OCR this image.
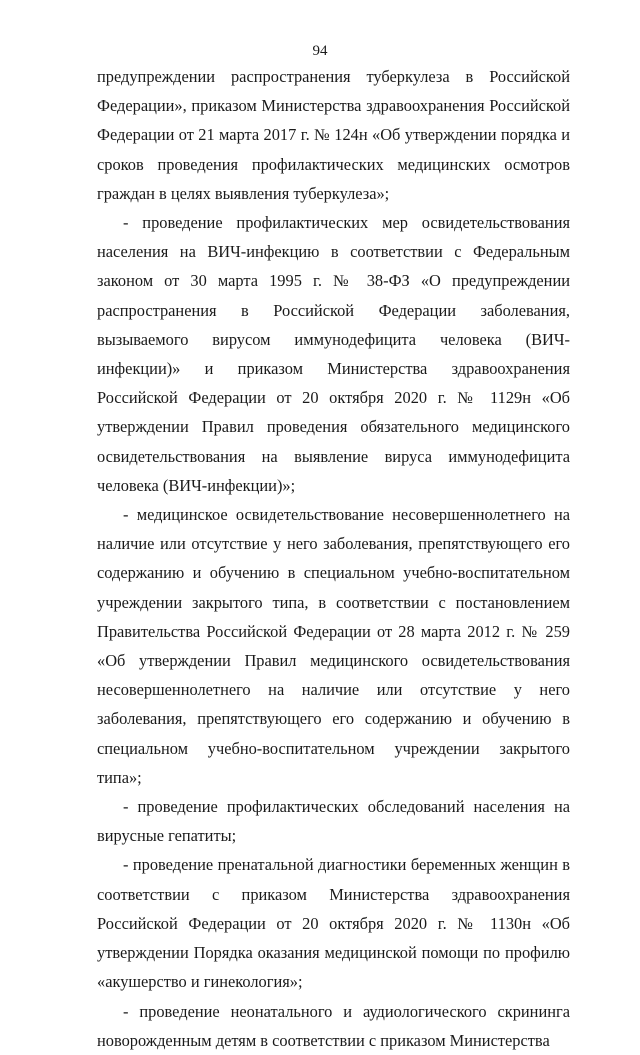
94

предупреждении распространения туберкулеза в Российской Федерации», приказом Министерства здравоохранения Российской Федерации от 21 марта 2017 г. № 124н «Об утверждении порядка и сроков проведения профилактических медицинских осмотров граждан в целях выявления туберкулеза»;

- проведение профилактических мер освидетельствования населения на ВИЧ-инфекцию в соответствии с Федеральным законом от 30 марта 1995 г. № 38-ФЗ «О предупреждении распространения в Российской Федерации заболевания, вызываемого вирусом иммунодефицита человека (ВИЧ-инфекции)» и приказом Министерства здравоохранения Российской Федерации от 20 октября 2020 г. № 1129н «Об утверждении Правил проведения обязательного медицинского освидетельствования на выявление вируса иммунодефицита человека (ВИЧ-инфекции)»;

- медицинское освидетельствование несовершеннолетнего на наличие или отсутствие у него заболевания, препятствующего его содержанию и обучению в специальном учебно-воспитательном учреждении закрытого типа, в соответствии с постановлением Правительства Российской Федерации от 28 марта 2012 г. № 259 «Об утверждении Правил медицинского освидетельствования несовершеннолетнего на наличие или отсутствие у него заболевания, препятствующего его содержанию и обучению в специальном учебно-воспитательном учреждении закрытого типа»;

- проведение профилактических обследований населения на вирусные гепатиты;

- проведение пренатальной диагностики беременных женщин в соответствии с приказом Министерства здравоохранения Российской Федерации от 20 октября 2020 г. № 1130н «Об утверждении Порядка оказания медицинской помощи по профилю «акушерство и гинекология»;

- проведение неонатального и аудиологического скрининга новорожденным детям в соответствии с приказом Министерства
